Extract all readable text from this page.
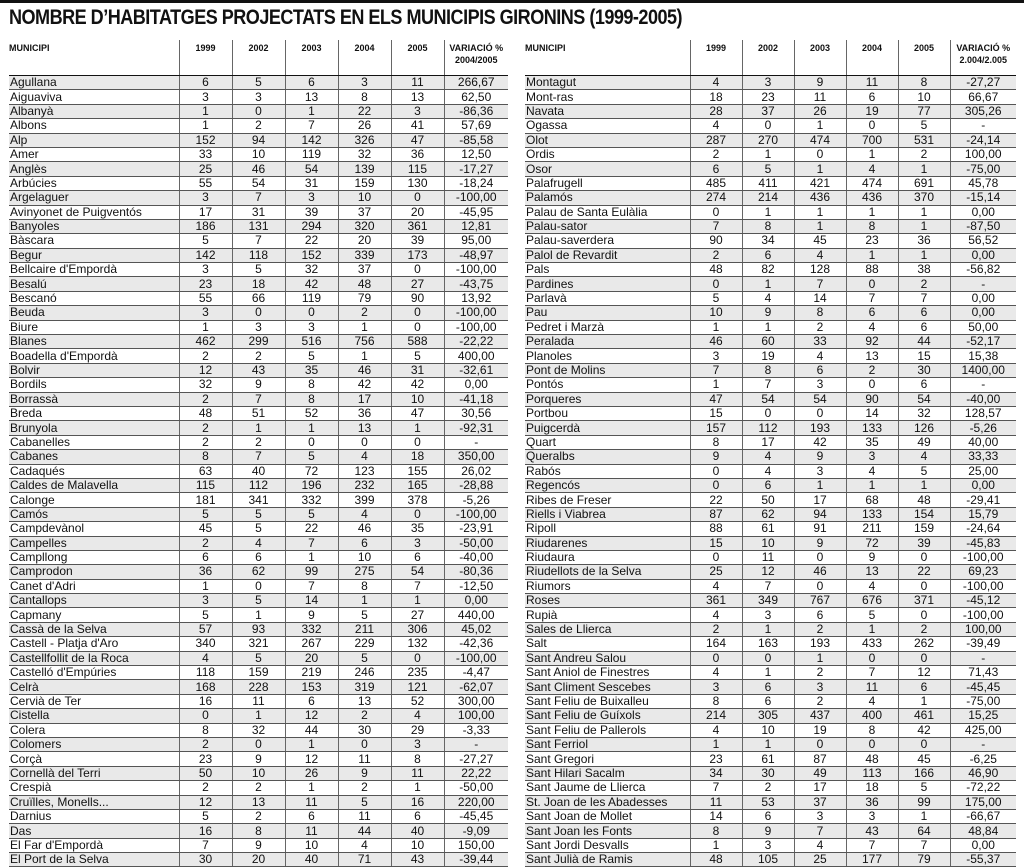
NOMBRE D’HABITATGES PROJECTATS EN ELS MUNICIPIS GIRONINS (1999-2005)
MUNICIPI	1999	2002	2003	2004	2005	VARIACIÓ % 2004/2005
Agullana	6	5	6	3	11	266,67
Aiguaviva	3	3	13	8	13	62,50
Albanyà	1	0	1	22	3	-86,36
Albons	1	2	7	26	41	57,69
Alp	152	94	142	326	47	-85,58
Amer	33	10	119	32	36	12,50
Anglès	25	46	54	139	115	-17,27
Arbúcies	55	54	31	159	130	-18,24
Argelaguer	3	7	3	10	0	-100,00
Avinyonet de Puigventós	17	31	39	37	20	-45,95
Banyoles	186	131	294	320	361	12,81
Bàscara	5	7	22	20	39	95,00
Begur	142	118	152	339	173	-48,97
Bellcaire d'Empordà	3	5	32	37	0	-100,00
Besalú	23	18	42	48	27	-43,75
Bescanó	55	66	119	79	90	13,92
Beuda	3	0	0	2	0	-100,00
Biure	1	3	3	1	0	-100,00
Blanes	462	299	516	756	588	-22,22
Boadella d'Empordà	2	2	5	1	5	400,00
Bolvir	12	43	35	46	31	-32,61
Bordils	32	9	8	42	42	0,00
Borrassà	2	7	8	17	10	-41,18
Breda	48	51	52	36	47	30,56
Brunyola	2	1	1	13	1	-92,31
Cabanelles	2	2	0	0	0	-
Cabanes	8	7	5	4	18	350,00
Cadaqués	63	40	72	123	155	26,02
Caldes de Malavella	115	112	196	232	165	-28,88
Calonge	181	341	332	399	378	-5,26
Camós	5	5	5	4	0	-100,00
Campdevànol	45	5	22	46	35	-23,91
Campelles	2	4	7	6	3	-50,00
Campllong	6	6	1	10	6	-40,00
Camprodon	36	62	99	275	54	-80,36
Canet d'Adri	1	0	7	8	7	-12,50
Cantallops	3	5	14	1	1	0,00
Capmany	5	1	9	5	27	440,00
Cassà de la Selva	57	93	332	211	306	45,02
Castell - Platja d'Aro	340	321	267	229	132	-42,36
Castellfollit de la Roca	4	5	20	5	0	-100,00
Castelló d'Empúries	118	159	219	246	235	-4,47
Celrà	168	228	153	319	121	-62,07
Cervià de Ter	16	11	6	13	52	300,00
Cistella	0	1	12	2	4	100,00
Colera	8	32	44	30	29	-3,33
Colomers	2	0	1	0	3	-
Corçà	23	9	12	11	8	-27,27
Cornellà del Terri	50	10	26	9	11	22,22
Crespià	2	2	1	2	1	-50,00
Cruïlles, Monells...	12	13	11	5	16	220,00
Darnius	5	2	6	11	6	-45,45
Das	16	8	11	44	40	-9,09
El Far d'Empordà	7	9	10	4	10	150,00
El Port de la Selva	30	20	40	71	43	-39,44
MUNICIPI	1999	2002	2003	2004	2005	VARIACIÓ % 2.004/2.005
Montagut	4	3	9	11	8	-27,27
Mont-ras	18	23	11	6	10	66,67
Navata	28	37	26	19	77	305,26
Ogassa	4	0	1	0	5	-
Olot	287	270	474	700	531	-24,14
Ordis	2	1	0	1	2	100,00
Osor	6	5	1	4	1	-75,00
Palafrugell	485	411	421	474	691	45,78
Palamós	274	214	436	436	370	-15,14
Palau de Santa Eulàlia	0	1	1	1	1	0,00
Palau-sator	7	8	1	8	1	-87,50
Palau-saverdera	90	34	45	23	36	56,52
Palol de Revardit	2	6	4	1	1	0,00
Pals	48	82	128	88	38	-56,82
Pardines	0	1	7	0	2	-
Parlavà	5	4	14	7	7	0,00
Pau	10	9	8	6	6	0,00
Pedret i Marzà	1	1	2	4	6	50,00
Peralada	46	60	33	92	44	-52,17
Planoles	3	19	4	13	15	15,38
Pont de Molins	7	8	6	2	30	1400,00
Pontós	1	7	3	0	6	-
Porqueres	47	54	54	90	54	-40,00
Portbou	15	0	0	14	32	128,57
Puigcerdà	157	112	193	133	126	-5,26
Quart	8	17	42	35	49	40,00
Queralbs	9	4	9	3	4	33,33
Rabós	0	4	3	4	5	25,00
Regencós	0	6	1	1	1	0,00
Ribes de Freser	22	50	17	68	48	-29,41
Riells i Viabrea	87	62	94	133	154	15,79
Ripoll	88	61	91	211	159	-24,64
Riudarenes	15	10	9	72	39	-45,83
Riudaura	0	11	0	9	0	-100,00
Riudellots de la Selva	25	12	46	13	22	69,23
Riumors	4	7	0	4	0	-100,00
Roses	361	349	767	676	371	-45,12
Rupià	4	3	6	5	0	-100,00
Sales de Llierca	2	1	2	1	2	100,00
Salt	164	163	193	433	262	-39,49
Sant Andreu Salou	0	0	1	0	0	-
Sant Aniol de Finestres	4	1	2	7	12	71,43
Sant Climent Sescebes	3	6	3	11	6	-45,45
Sant Feliu de Buixalleu	8	6	2	4	1	-75,00
Sant Feliu de Guíxols	214	305	437	400	461	15,25
Sant Feliu de Pallerols	4	10	19	8	42	425,00
Sant Ferriol	1	1	0	0	0	-
Sant Gregori	23	61	87	48	45	-6,25
Sant Hilari Sacalm	34	30	49	113	166	46,90
Sant Jaume de Llierca	7	2	17	18	5	-72,22
St. Joan de les Abadesses	11	53	37	36	99	175,00
Sant Joan de Mollet	14	6	3	3	1	-66,67
Sant Joan les Fonts	8	9	7	43	64	48,84
Sant Jordi Desvalls	1	3	4	7	7	0,00
Sant Julià de Ramis	48	105	25	177	79	-55,37
